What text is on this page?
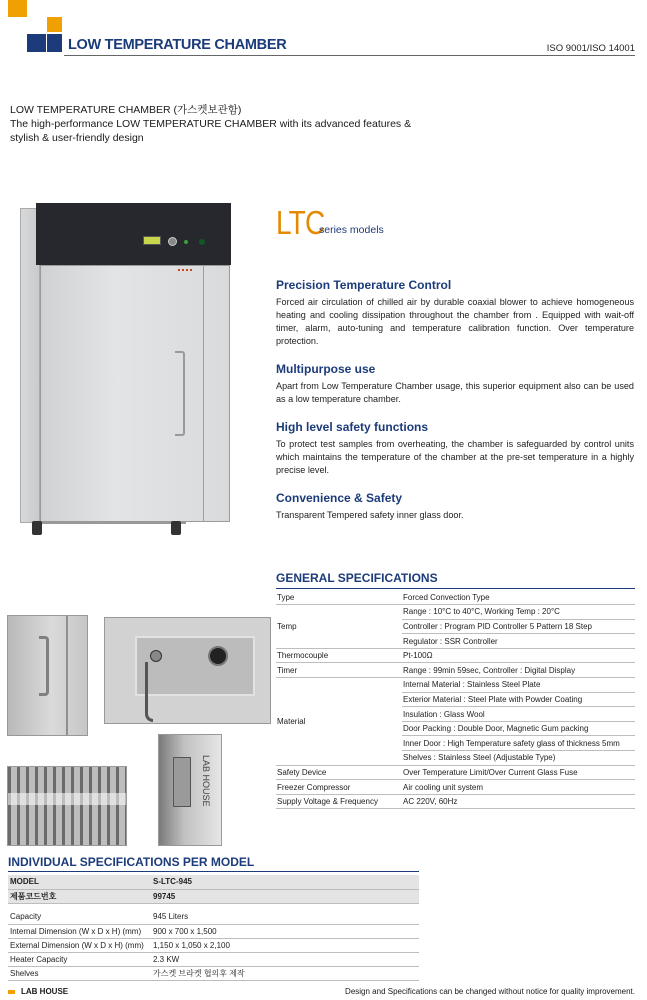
LOW TEMPERATURE CHAMBER	ISO 9001/ISO 14001
LOW TEMPERATURE CHAMBER (가스켓보관함)
The high-performance LOW TEMPERATURE CHAMBER with its advanced features & stylish & user-friendly design
LTC
series models
Precision Temperature Control
Forced air circulation of chilled air by durable coaxial blower to achieve homogeneous heating and cooling dissipation throughout the chamber from . Equipped with wait-off timer, alarm, auto-tuning and temperature calibration function. Over temperature protection.
Multipurpose use
Apart from Low Temperature Chamber usage, this superior equipment also can be used as a low temperature chamber.
High level safety functions
To protect test samples from overheating, the chamber is safeguarded by control units which maintains the temperature of the chamber at the pre-set temperature in a highly precise level.
Convenience & Safety
Transparent Tempered safety inner glass door.
GENERAL SPECIFICATIONS
Type	Forced Convection Type
Temp	Range : 10°C to 40°C, Working Temp : 20°C
	Controller : Program PID Controller 5 Pattern 18 Step
	Regulator : SSR Controller
Thermocouple	Pt-100Ω
Timer	Range : 99min 59sec, Controller : Digital Display
Material	Internal Material : Stainless Steel Plate
	Exterior Material : Steel Plate with Powder Coating
	Insulation : Glass Wool
	Door Packing : Double Door, Magnetic Gum packing
	Inner Door : High Temperature safety glass of thickness 5mm
	Shelves : Stainless Steel (Adjustable Type)
Safety Device	Over Temperature Limit/Over Current Glass Fuse
Freezer Compressor	Air cooling unit system
Supply Voltage & Frequency	AC 220V, 60Hz
LAB HOUSE
INDIVIDUAL SPECIFICATIONS PER MODEL
MODEL	S-LTC-945
제품코드번호	99745

Capacity	945 Liters
Internal Dimension (W x D x H) (mm)	900 x 700 x 1,500
External Dimension (W x D x H) (mm)	1,150 x 1,050 x 2,100
Heater Capacity	2.3 KW
Shelves	가스켓 브라켓 협의후 제작
LAB HOUSE	Design and Specifications can be changed without notice for quality improvement.
